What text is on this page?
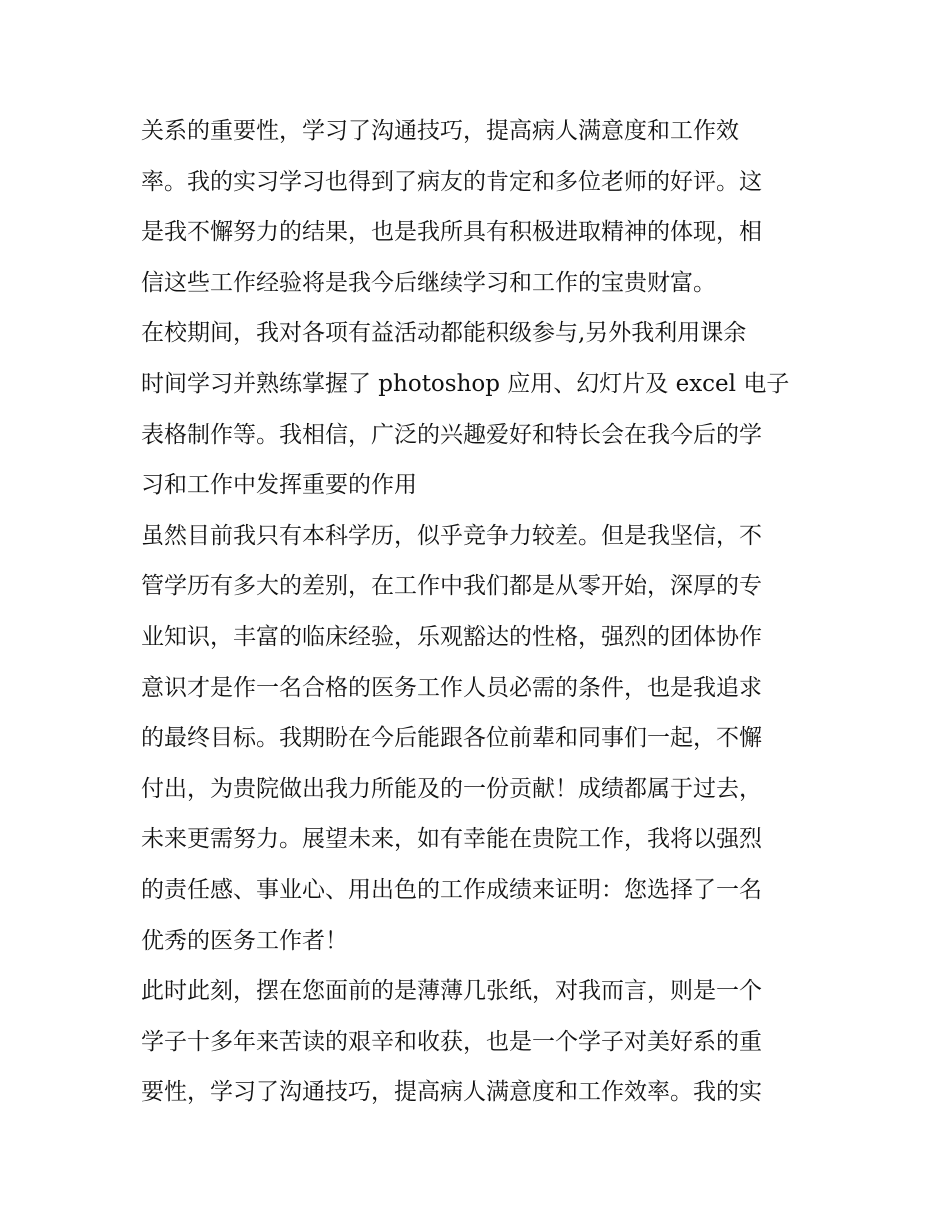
关系的重要性，学习了沟通技巧，提高病人满意度和工作效
率。我的实习学习也得到了病友的肯定和多位老师的好评。这
是我不懈努力的结果，也是我所具有积极进取精神的体现，相
信这些工作经验将是我今后继续学习和工作的宝贵财富。
在校期间，我对各项有益活动都能积级参与,另外我利用课余
时间学习并熟练掌握了 photoshop 应用、幻灯片及 excel 电子
表格制作等。我相信，广泛的兴趣爱好和特长会在我今后的学
习和工作中发挥重要的作用
虽然目前我只有本科学历，似乎竞争力较差。但是我坚信，不
管学历有多大的差别，在工作中我们都是从零开始，深厚的专
业知识，丰富的临床经验，乐观豁达的性格，强烈的团体协作
意识才是作一名合格的医务工作人员必需的条件，也是我追求
的最终目标。我期盼在今后能跟各位前辈和同事们一起，不懈
付出，为贵院做出我力所能及的一份贡献！成绩都属于过去，
未来更需努力。展望未来，如有幸能在贵院工作，我将以强烈
的责任感、事业心、用出色的工作成绩来证明：您选择了一名
优秀的医务工作者！
此时此刻，摆在您面前的是薄薄几张纸，对我而言，则是一个
学子十多年来苦读的艰辛和收获，也是一个学子对美好系的重
要性，学习了沟通技巧，提高病人满意度和工作效率。我的实
